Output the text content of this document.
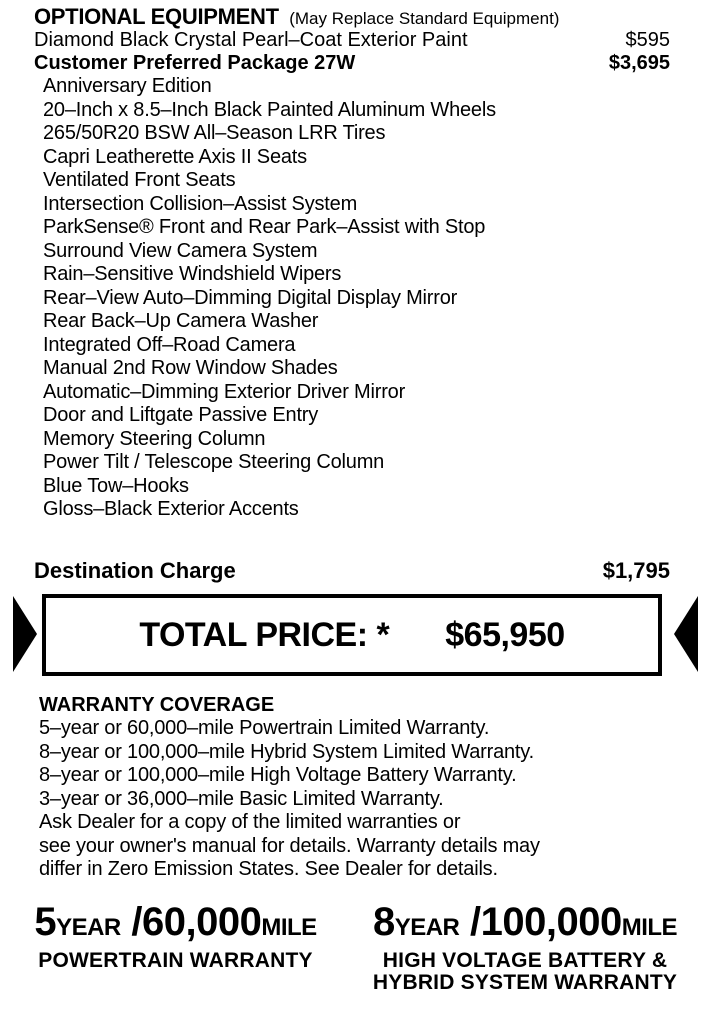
OPTIONAL EQUIPMENT (May Replace Standard Equipment)
Diamond Black Crystal Pearl–Coat Exterior Paint	$595
Customer Preferred Package 27W	$3,695
Anniversary Edition
20–Inch x 8.5–Inch Black Painted Aluminum Wheels
265/50R20 BSW All–Season LRR Tires
Capri Leatherette Axis II Seats
Ventilated Front Seats
Intersection Collision–Assist System
ParkSense® Front and Rear Park–Assist with Stop
Surround View Camera System
Rain–Sensitive Windshield Wipers
Rear–View Auto–Dimming Digital Display Mirror
Rear Back–Up Camera Washer
Integrated Off–Road Camera
Manual 2nd Row Window Shades
Automatic–Dimming Exterior Driver Mirror
Door and Liftgate Passive Entry
Memory Steering Column
Power Tilt / Telescope Steering Column
Blue Tow–Hooks
Gloss–Black Exterior Accents
Destination Charge	$1,795
TOTAL PRICE: * $65,950
WARRANTY COVERAGE
5–year or 60,000–mile Powertrain Limited Warranty.
8–year or 100,000–mile Hybrid System Limited Warranty.
8–year or 100,000–mile High Voltage Battery Warranty.
3–year or 36,000–mile Basic Limited Warranty.
Ask Dealer for a copy of the limited warranties or
see your owner's manual for details. Warranty details may
differ in Zero Emission States. See Dealer for details.
5YEAR /60,000MILE
POWERTRAIN WARRANTY
8YEAR /100,000MILE
HIGH VOLTAGE BATTERY &
HYBRID SYSTEM WARRANTY
